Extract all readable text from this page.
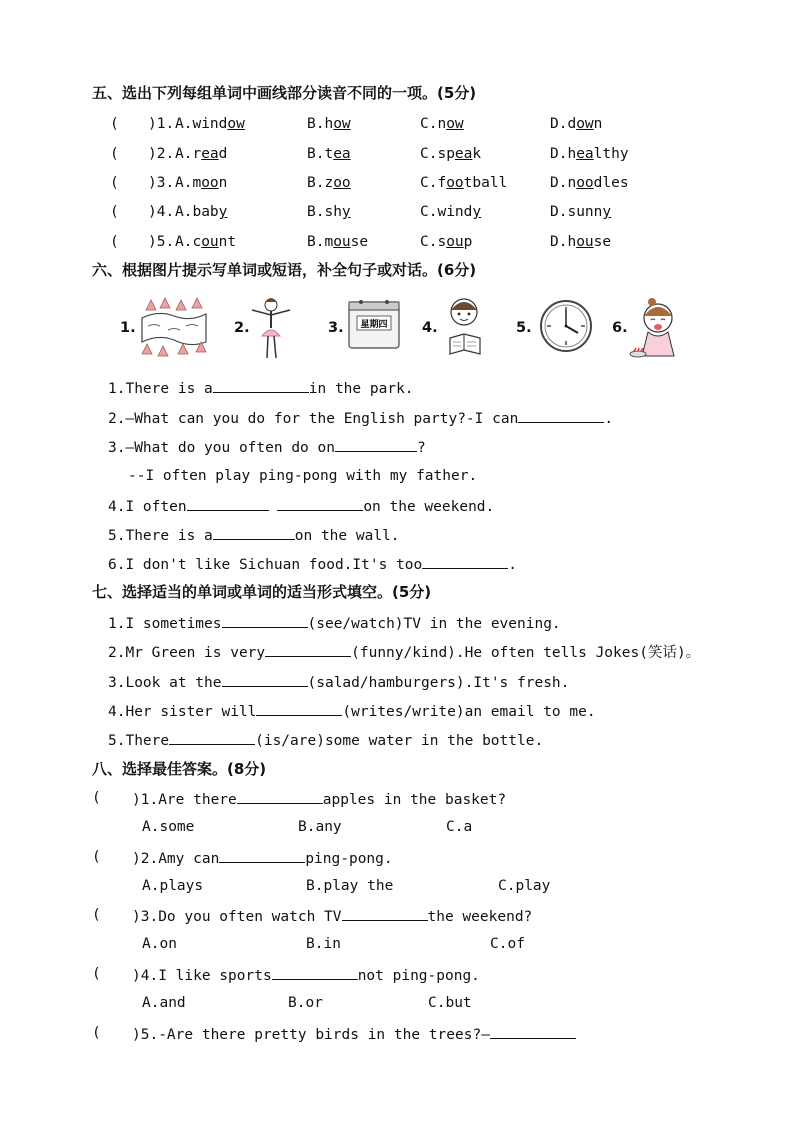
五、选出下列每组单词中画线部分读音不同的一项。(5分)
( )1. A.window	B.how	C.now	D.down
( )2. A.read	B.tea	C.speak	D.healthy
( )3. A.moon	B.zoo	C.football	D.noodles
( )4. A.baby	B.shy	C.windy	D.sunny
( )5. A.count	B.mouse	C.soup	D.house
六、根据图片提示写单词或短语，补全句子或对话。(6分)
1.	2.	3.	4.	5.	6.
星期四
1.There is a	in the park.
2.—What can you do for the English party?-I can	.
3.—What do you often do on	?
--I often play ping-pong with my father.
4.I often	on the weekend.
5.There is a	on the wall.
6.I don't like Sichuan food.It's too	.
七、选择适当的单词或单词的适当形式填空。(5分)
1.I sometimes	(see/watch)TV in the evening.
2.Mr Green is very	(funny/kind).He often tells Jokes(笑话)。
3.Look at the	(salad/hamburgers).It's fresh.
4.Her sister will	(writes/write)an email to me.
5.There	(is/are)some water in the bottle.
八、选择最佳答案。(8分)
( )1.Are there	apples in the basket?
A.some	B.any	C.a
( )2.Amy can	ping-pong.
A.plays	B.play the	C.play
( )3.Do you often watch TV	the weekend?
A.on	B.in	C.of
( )4.I like sports	not ping-pong.
A.and	B.or	C.but
( )5.-Are there pretty birds in the trees?—
